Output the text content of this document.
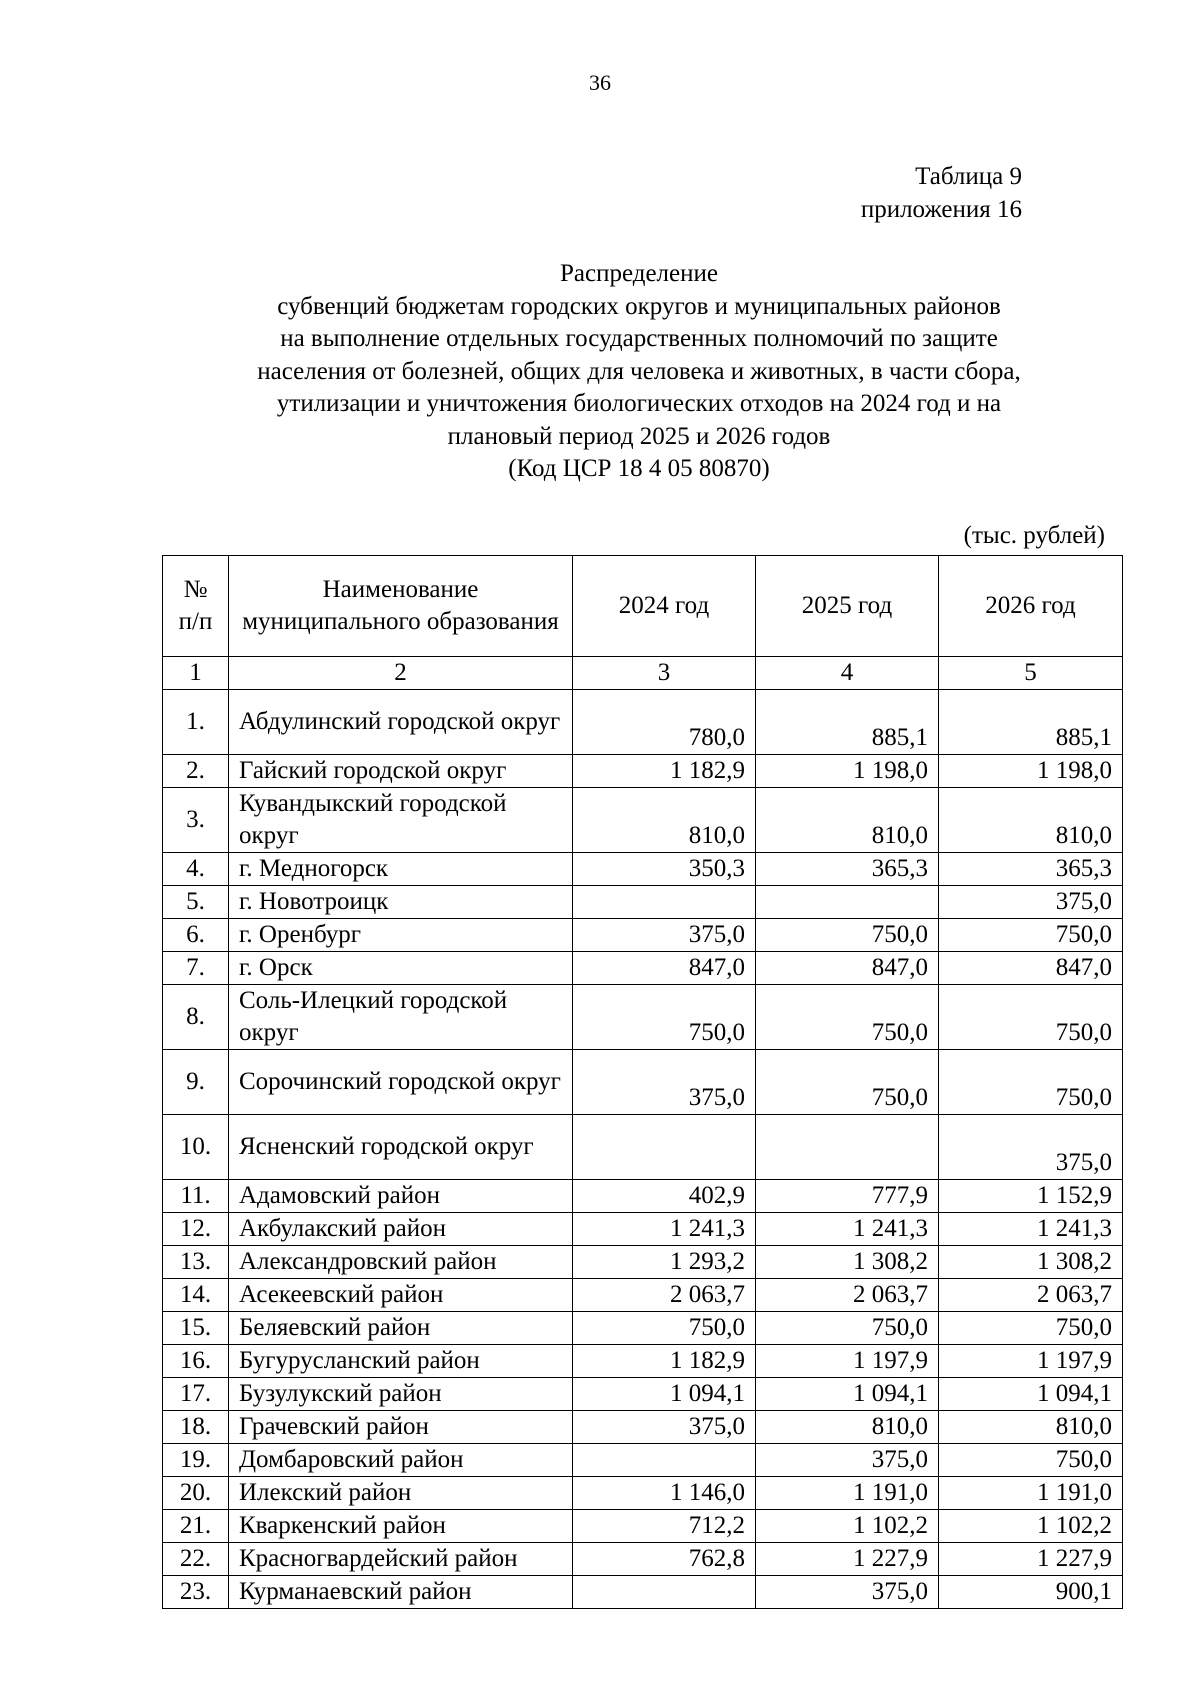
36
Таблица 9
приложения 16
Распределение
субвенций бюджетам городских округов и муниципальных районов
на выполнение отдельных государственных полномочий по защите
населения от болезней, общих для человека и животных, в части сбора,
утилизации и уничтожения биологических отходов на 2024 год и на
плановый период 2025 и 2026 годов
(Код ЦСР 18 4 05 80870)
(тыс. рублей)
№ п/п	Наименование муниципального образования	2024 год	2025 год	2026 год
1	2	3	4	5
1.	Абдулинский городской округ	780,0	885,1	885,1
2.	Гайский городской округ	1 182,9	1 198,0	1 198,0
3.	Кувандыкский городской округ	810,0	810,0	810,0
4.	г. Медногорск	350,3	365,3	365,3
5.	г. Новотроицк			375,0
6.	г. Оренбург	375,0	750,0	750,0
7.	г. Орск	847,0	847,0	847,0
8.	Соль-Илецкий городской округ	750,0	750,0	750,0
9.	Сорочинский городской округ	375,0	750,0	750,0
10.	Ясненский городской округ			375,0
11.	Адамовский район	402,9	777,9	1 152,9
12.	Акбулакский район	1 241,3	1 241,3	1 241,3
13.	Александровский район	1 293,2	1 308,2	1 308,2
14.	Асекеевский район	2 063,7	2 063,7	2 063,7
15.	Беляевский район	750,0	750,0	750,0
16.	Бугурусланский район	1 182,9	1 197,9	1 197,9
17.	Бузулукский район	1 094,1	1 094,1	1 094,1
18.	Грачевский район	375,0	810,0	810,0
19.	Домбаровский район		375,0	750,0
20.	Илекский район	1 146,0	1 191,0	1 191,0
21.	Кваркенский район	712,2	1 102,2	1 102,2
22.	Красногвардейский район	762,8	1 227,9	1 227,9
23.	Курманаевский район		375,0	900,1
